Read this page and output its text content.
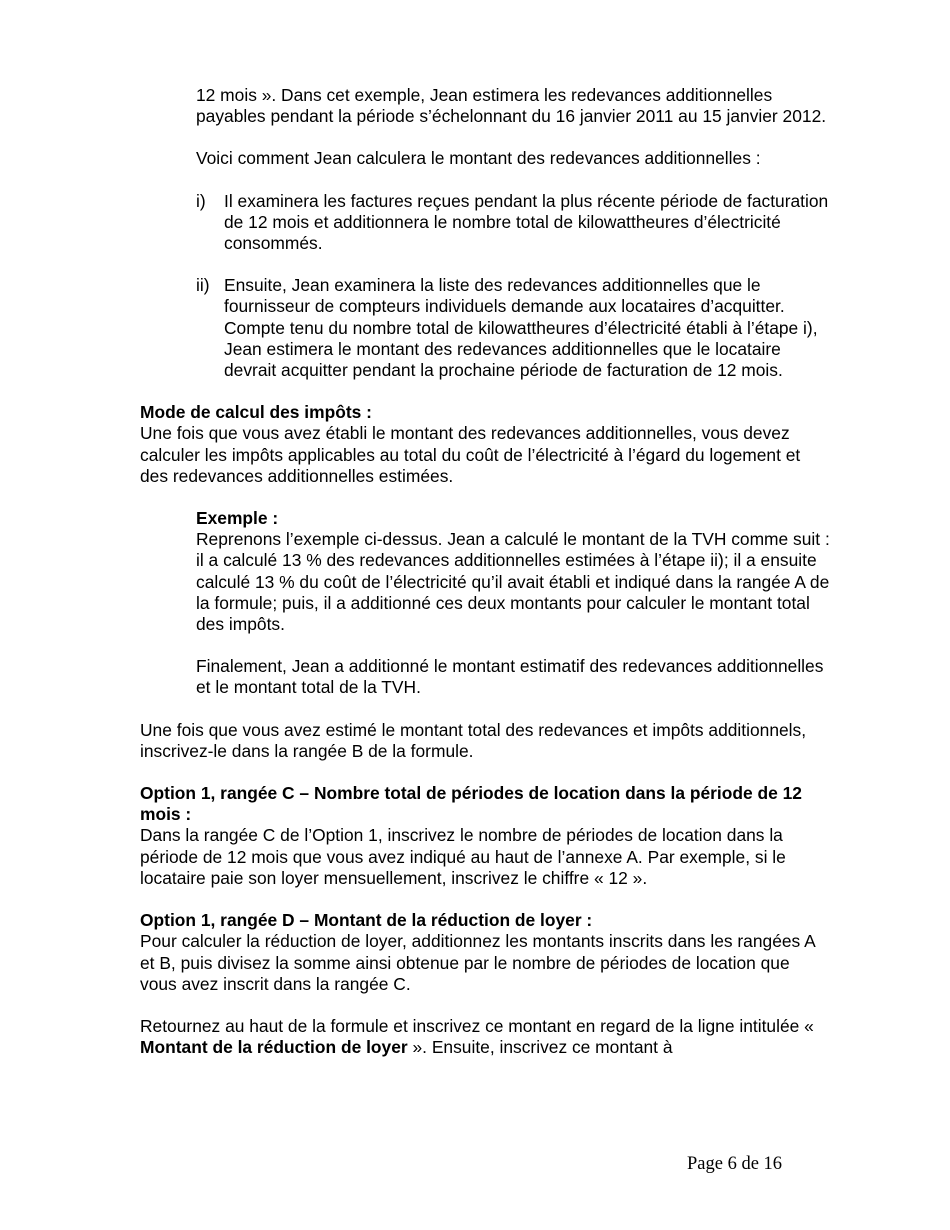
12 mois ». Dans cet exemple, Jean estimera les redevances additionnelles payables pendant la période s’échelonnant du 16 janvier 2011 au 15 janvier 2012.

Voici comment Jean calculera le montant des redevances additionnelles :

i)	Il examinera les factures reçues pendant la plus récente période de facturation de 12 mois et additionnera le nombre total de kilowattheures d’électricité consommés.
ii) Ensuite, Jean examinera la liste des redevances additionnelles que le fournisseur de compteurs individuels demande aux locataires d’acquitter. Compte tenu du nombre total de kilowattheures d’électricité établi à l’étape i), Jean estimera le montant des redevances additionnelles que le locataire devrait acquitter pendant la prochaine période de facturation de 12 mois.

Mode de calcul des impôts :

Une fois que vous avez établi le montant des redevances additionnelles, vous devez calculer les impôts applicables au total du coût de l’électricité à l’égard du logement et des redevances additionnelles estimées.

Exemple :

Reprenons l’exemple ci-dessus. Jean a calculé le montant de la TVH comme suit : il a calculé 13 % des redevances additionnelles estimées à l’étape ii); il a ensuite calculé 13 % du coût de l’électricité qu’il avait établi et indiqué dans la rangée A de la formule; puis, il a additionné ces deux montants pour calculer le montant total des impôts.

Finalement, Jean a additionné le montant estimatif des redevances additionnelles et le montant total de la TVH.

Une fois que vous avez estimé le montant total des redevances et impôts additionnels, inscrivez-le dans la rangée B de la formule.

Option 1, rangée C – Nombre total de périodes de location dans la période de 12 mois :

Dans la rangée C de l’Option 1, inscrivez le nombre de périodes de location dans la période de 12 mois que vous avez indiqué au haut de l’annexe A. Par exemple, si le locataire paie son loyer mensuellement, inscrivez le chiffre « 12 ».

Option 1, rangée D – Montant de la réduction de loyer :

Pour calculer la réduction de loyer, additionnez les montants inscrits dans les rangées A et B, puis divisez la somme ainsi obtenue par le nombre de périodes de location que vous avez inscrit dans la rangée C.

Retournez au haut de la formule et inscrivez ce montant en regard de la ligne intitulée « Montant de la réduction de loyer ». Ensuite, inscrivez ce montant à

Page 6 de 16
